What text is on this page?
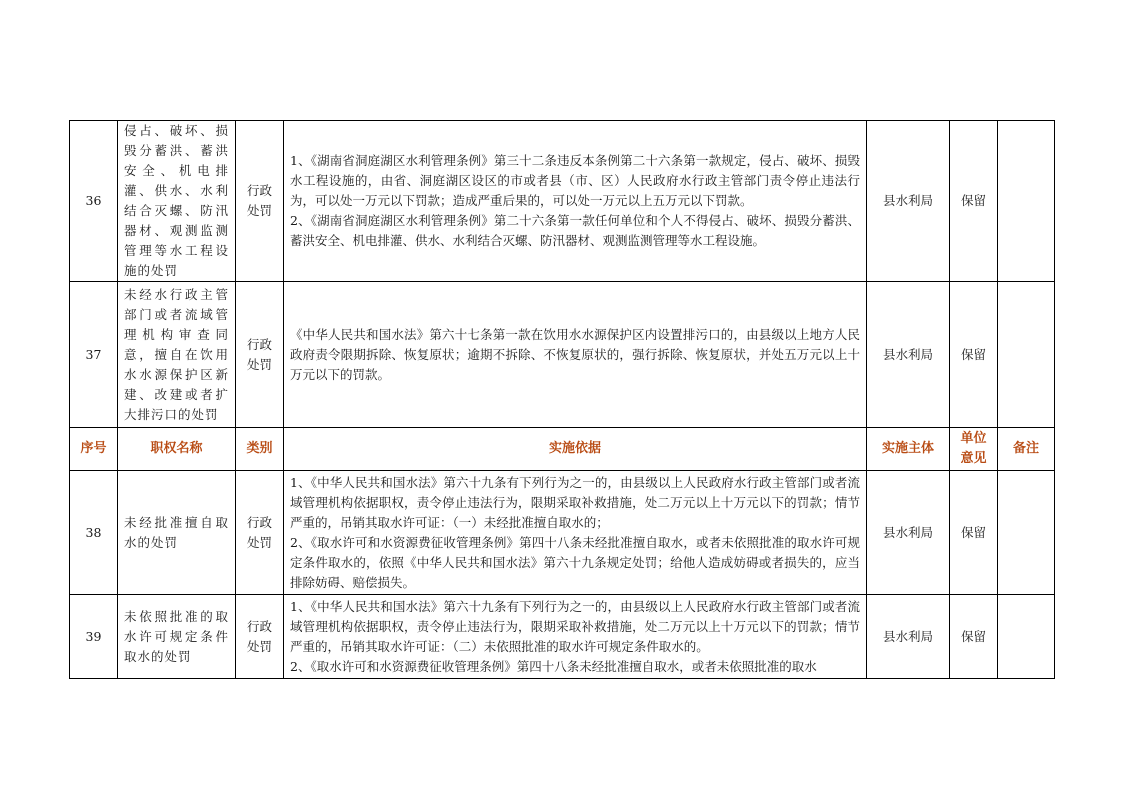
36	侵占、破坏、损毁分蓄洪、蓄洪安全、机电排灌、供水、水利结合灭螺、防汛器材、观测监测管理等水工程设施的处罚	行政处罚	1、《湖南省洞庭湖区水利管理条例》第三十二条违反本条例第二十六条第一款规定，侵占、破坏、损毁水工程设施的，由省、洞庭湖区设区的市或者县（市、区）人民政府水行政主管部门责令停止违法行为，可以处一万元以下罚款；造成严重后果的，可以处一万元以上五万元以下罚款。
2、《湖南省洞庭湖区水利管理条例》第二十六条第一款任何单位和个人不得侵占、破坏、损毁分蓄洪、蓄洪安全、机电排灌、供水、水利结合灭螺、防汛器材、观测监测管理等水工程设施。	县水利局	保留	
37	未经水行政主管部门或者流域管理机构审查同意，擅自在饮用水水源保护区新建、改建或者扩大排污口的处罚	行政处罚	《中华人民共和国水法》第六十七条第一款在饮用水水源保护区内设置排污口的，由县级以上地方人民政府责令限期拆除、恢复原状；逾期不拆除、不恢复原状的，强行拆除、恢复原状，并处五万元以上十万元以下的罚款。	县水利局	保留	
序号	职权名称	类别	实施依据	实施主体	单位意见	备注
38	未经批准擅自取水的处罚	行政处罚	1、《中华人民共和国水法》第六十九条有下列行为之一的，由县级以上人民政府水行政主管部门或者流域管理机构依据职权，责令停止违法行为，限期采取补救措施，处二万元以上十万元以下的罚款；情节严重的，吊销其取水许可证：（一）未经批准擅自取水的；
2、《取水许可和水资源费征收管理条例》第四十八条未经批准擅自取水，或者未依照批准的取水许可规定条件取水的，依照《中华人民共和国水法》第六十九条规定处罚；给他人造成妨碍或者损失的，应当排除妨碍、赔偿损失。	县水利局	保留	
39	未依照批准的取水许可规定条件取水的处罚	行政处罚	1、《中华人民共和国水法》第六十九条有下列行为之一的，由县级以上人民政府水行政主管部门或者流域管理机构依据职权，责令停止违法行为，限期采取补救措施，处二万元以上十万元以下的罚款；情节严重的，吊销其取水许可证：（二）未依照批准的取水许可规定条件取水的。
2、《取水许可和水资源费征收管理条例》第四十八条未经批准擅自取水，或者未依照批准的取水	县水利局	保留	
